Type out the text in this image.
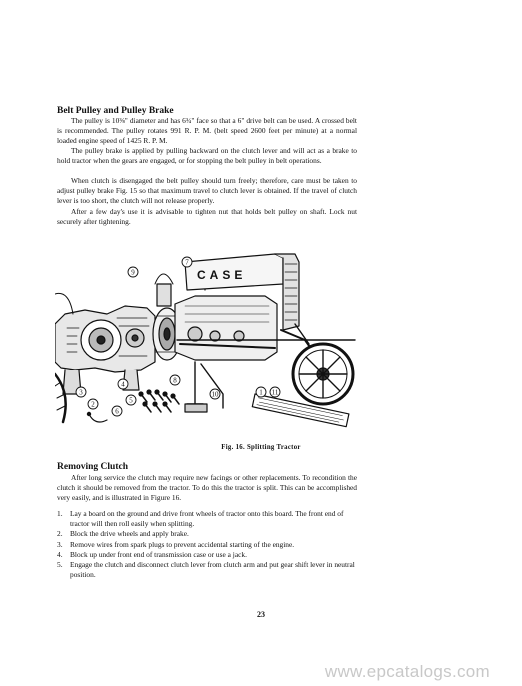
Belt Pulley and Pulley Brake

The pulley is 10⅜" diameter and has 6¾" face so that a 6" drive belt can be used. A crossed belt is recommended. The pulley rotates 991 R. P. M. (belt speed 2600 feet per minute) at a normal loaded engine speed of 1425 R. P. M.

The pulley brake is applied by pulling backward on the clutch lever and will act as a brake to hold tractor when the gears are engaged, or for stopping the belt pulley in belt operations.

When clutch is disengaged the belt pulley should turn freely; therefore, care must be taken to adjust pulley brake Fig. 15 so that maximum travel to clutch lever is obtained. If the travel of clutch lever is too short, the clutch will not release properly.

After a few day's use it is advisable to tighten nut that holds belt pulley on shaft. Lock nut securely after tightening.

CASE
7
9
10	11
4
5
8
6
3	1
2
Fig. 16. Splitting Tractor
Removing Clutch

After long service the clutch may require new facings or other replacements. To recondition the clutch it should be removed from the tractor. To do this the tractor is split. This can be accomplished very easily, and is illustrated in Figure 16.

1. Lay a board on the ground and drive front wheels of tractor onto this board. The front end of tractor will then roll easily when splitting.
2. Block the drive wheels and apply brake.
3. Remove wires from spark plugs to prevent accidental starting of the engine.
4. Block up under front end of transmission case or use a jack.
5. Engage the clutch and disconnect clutch lever from clutch arm and put gear shift lever in neutral position.
23
www.epcatalogs.com
